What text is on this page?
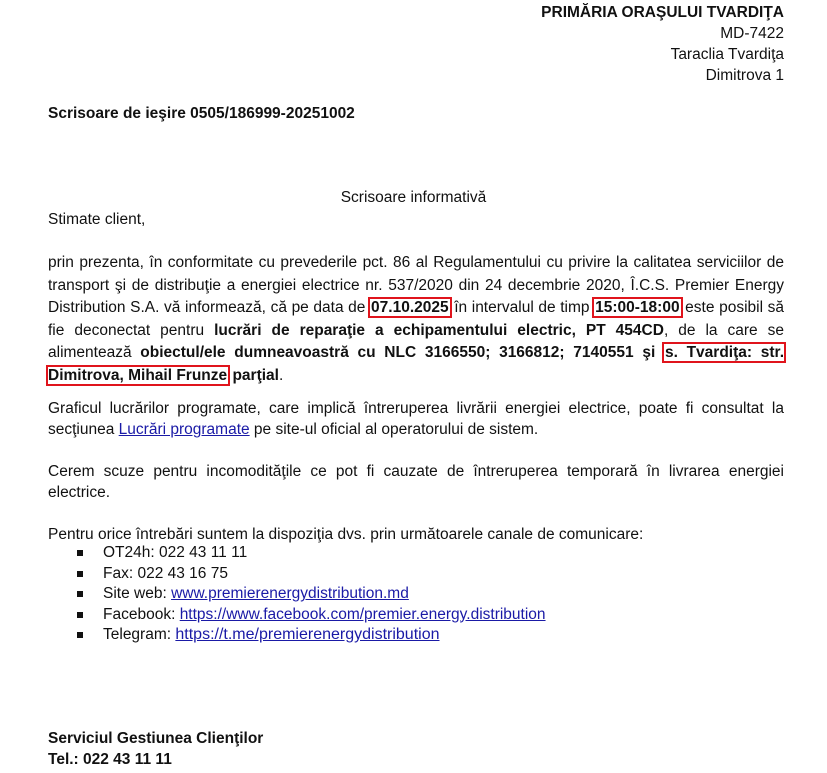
PRIMĂRIA ORAŞULUI TVARDIŢA
MD-7422
Taraclia Tvardiţa
Dimitrova 1
Scrisoare de ieşire 0505/186999-20251002
Scrisoare informativă
Stimate client,
prin prezenta, în conformitate cu prevederile pct. 86 al Regulamentului cu privire la calitatea serviciilor de transport şi de distribuţie a energiei electrice nr. 537/2020 din 24 decembrie 2020, Î.C.S. Premier Energy Distribution S.A. vă informează, că pe data de 07.10.2025 în intervalul de timp 15:00-18:00 este posibil să fie deconectat pentru lucrări de reparaţie a echipamentului electric, PT 454CD, de la care se alimentează obiectul/ele dumneavoastră cu NLC 3166550; 3166812; 7140551 şi s. Tvardiţa: str. Dimitrova, Mihail Frunze parţial.
Graficul lucrărilor programate, care implică întreruperea livrării energiei electrice, poate fi consultat la secţiunea Lucrări programate pe site-ul oficial al operatorului de sistem.
Cerem scuze pentru incomodităţile ce pot fi cauzate de întreruperea temporară în livrarea energiei electrice.
Pentru orice întrebări suntem la dispoziţia dvs. prin următoarele canale de comunicare:
OT24h: 022 43 11 11
Fax: 022 43 16 75
Site web: www.premierenergydistribution.md
Facebook: https://www.facebook.com/premier.energy.distribution
Telegram: https://t.me/premierenergydistribution
Serviciul Gestiunea Clienţilor
Tel.: 022 43 11 11
